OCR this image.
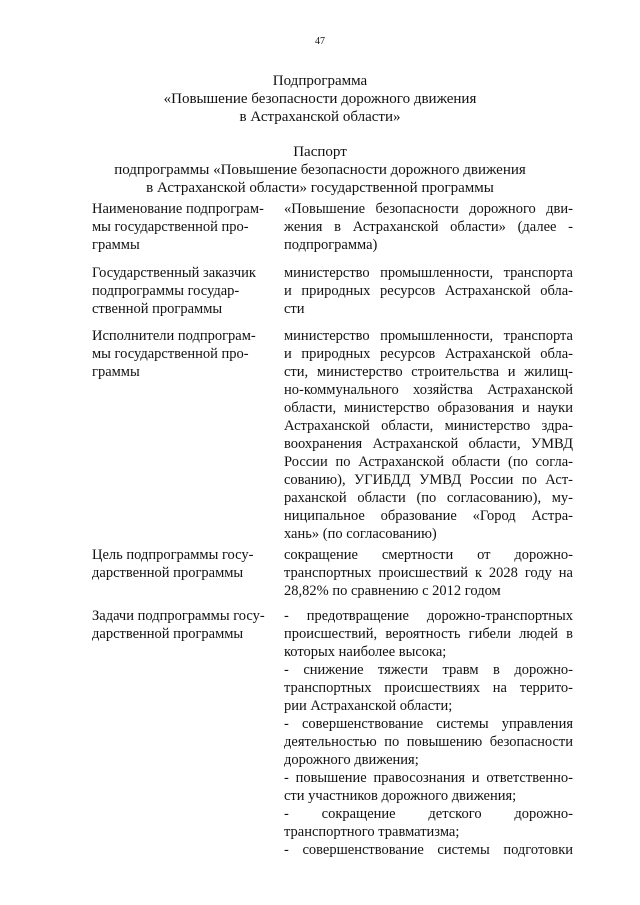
47
Подпрограмма
«Повышение безопасности дорожного движения
в Астраханской области»
Паспорт
подпрограммы «Повышение безопасности дорожного движения
в Астраханской области» государственной программы
Наименование подпрограм-
мы государственной про-
граммы
«Повышение безопасности дорожного дви-
жения в Астраханской области» (далее -
подпрограмма)
Государственный заказчик
подпрограммы государ-
ственной программы
министерство промышленности, транспорта
и природных ресурсов Астраханской обла-
сти
Исполнители подпрограм-
мы государственной про-
граммы
министерство промышленности, транспорта
и природных ресурсов Астраханской обла-
сти, министерство строительства и жилищ-
но-коммунального хозяйства Астраханской
области, министерство образования и науки
Астраханской области, министерство здра-
воохранения Астраханской области, УМВД
России по Астраханской области (по согла-
сованию), УГИБДД УМВД России по Аст-
раханской области (по согласованию), му-
ниципальное образование «Город Астра-
хань» (по согласованию)
Цель подпрограммы госу-
дарственной программы
сокращение смертности от дорожно-
транспортных происшествий к 2028 году на
28,82% по сравнению с 2012 годом
Задачи подпрограммы госу-
дарственной программы
- предотвращение дорожно-транспортных
происшествий, вероятность гибели людей в
которых наиболее высока;
- снижение тяжести травм в дорожно-
транспортных происшествиях на террито-
рии Астраханской области;
- совершенствование системы управления
деятельностью по повышению безопасности
дорожного движения;
- повышение правосознания и ответственно-
сти участников дорожного движения;
- сокращение детского дорожно-
транспортного травматизма;
- совершенствование системы подготовки
